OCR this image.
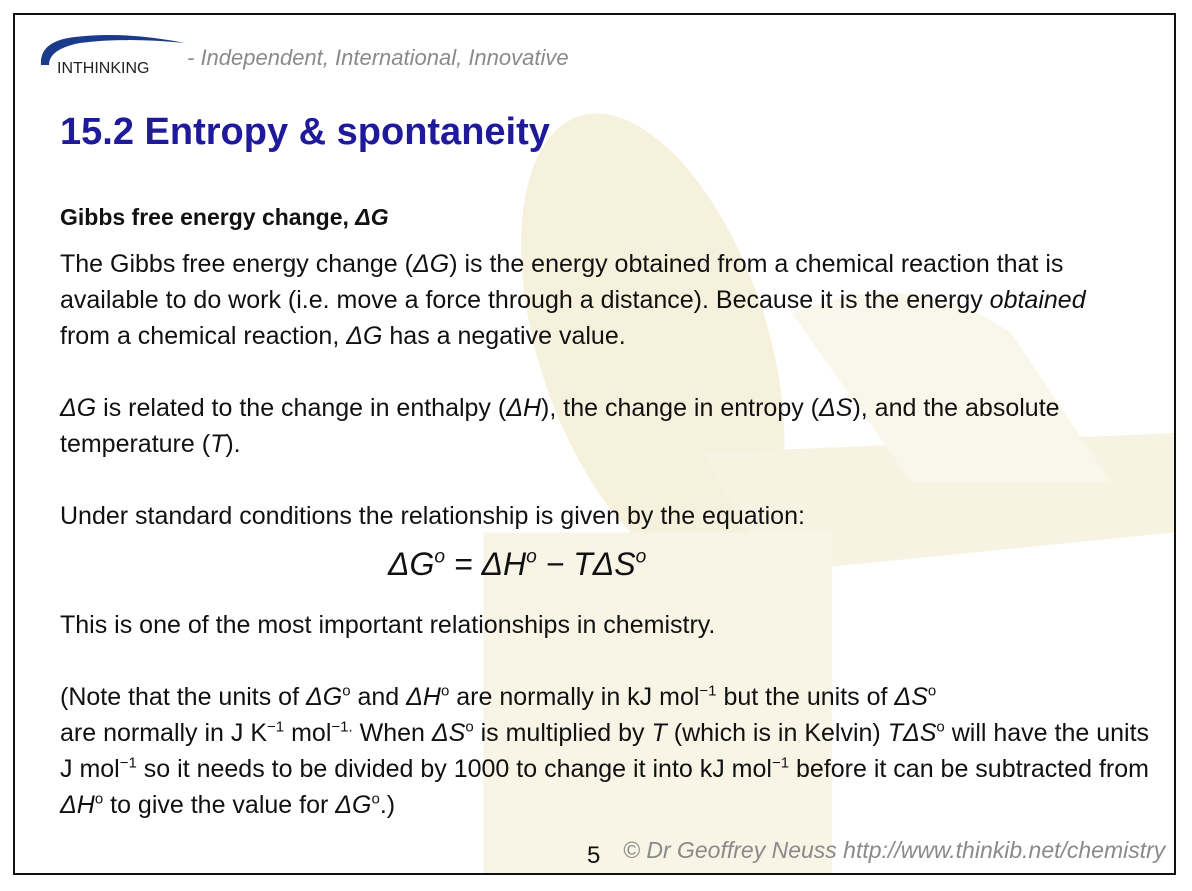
INTHINKING - Independent, International, Innovative
15.2 Entropy & spontaneity
Gibbs free energy change, ΔG
The Gibbs free energy change (ΔG) is the energy obtained from a chemical reaction that is available to do work (i.e. move a force through a distance). Because it is the energy obtained from a chemical reaction, ΔG has a negative value.
ΔG is related to the change in enthalpy (ΔH), the change in entropy (ΔS), and the absolute temperature (T).
Under standard conditions the relationship is given by the equation:
$\Delta G^o = \Delta H^o - T\Delta S^o$
This is one of the most important relationships in chemistry.
(Note that the units of $\Delta G^o$ and $\Delta H^o$ are normally in kJ mol$^{-1}$ but the units of $\Delta S^o$
are normally in J $K^{-1}$ mol$^{-1.}$ When $\Delta S^o$ is multiplied by T (which is in Kelvin) TΔS$^o$ will have the units J mol$^{-1}$ so it needs to be divided by 1000 to change it into kJ mol$^{-1}$ before it can be subtracted from $\Delta H^o$ to give the value for $\Delta G^o$.)
5 © Dr Geoffrey Neuss http://www.thinkib.net/chemistry
